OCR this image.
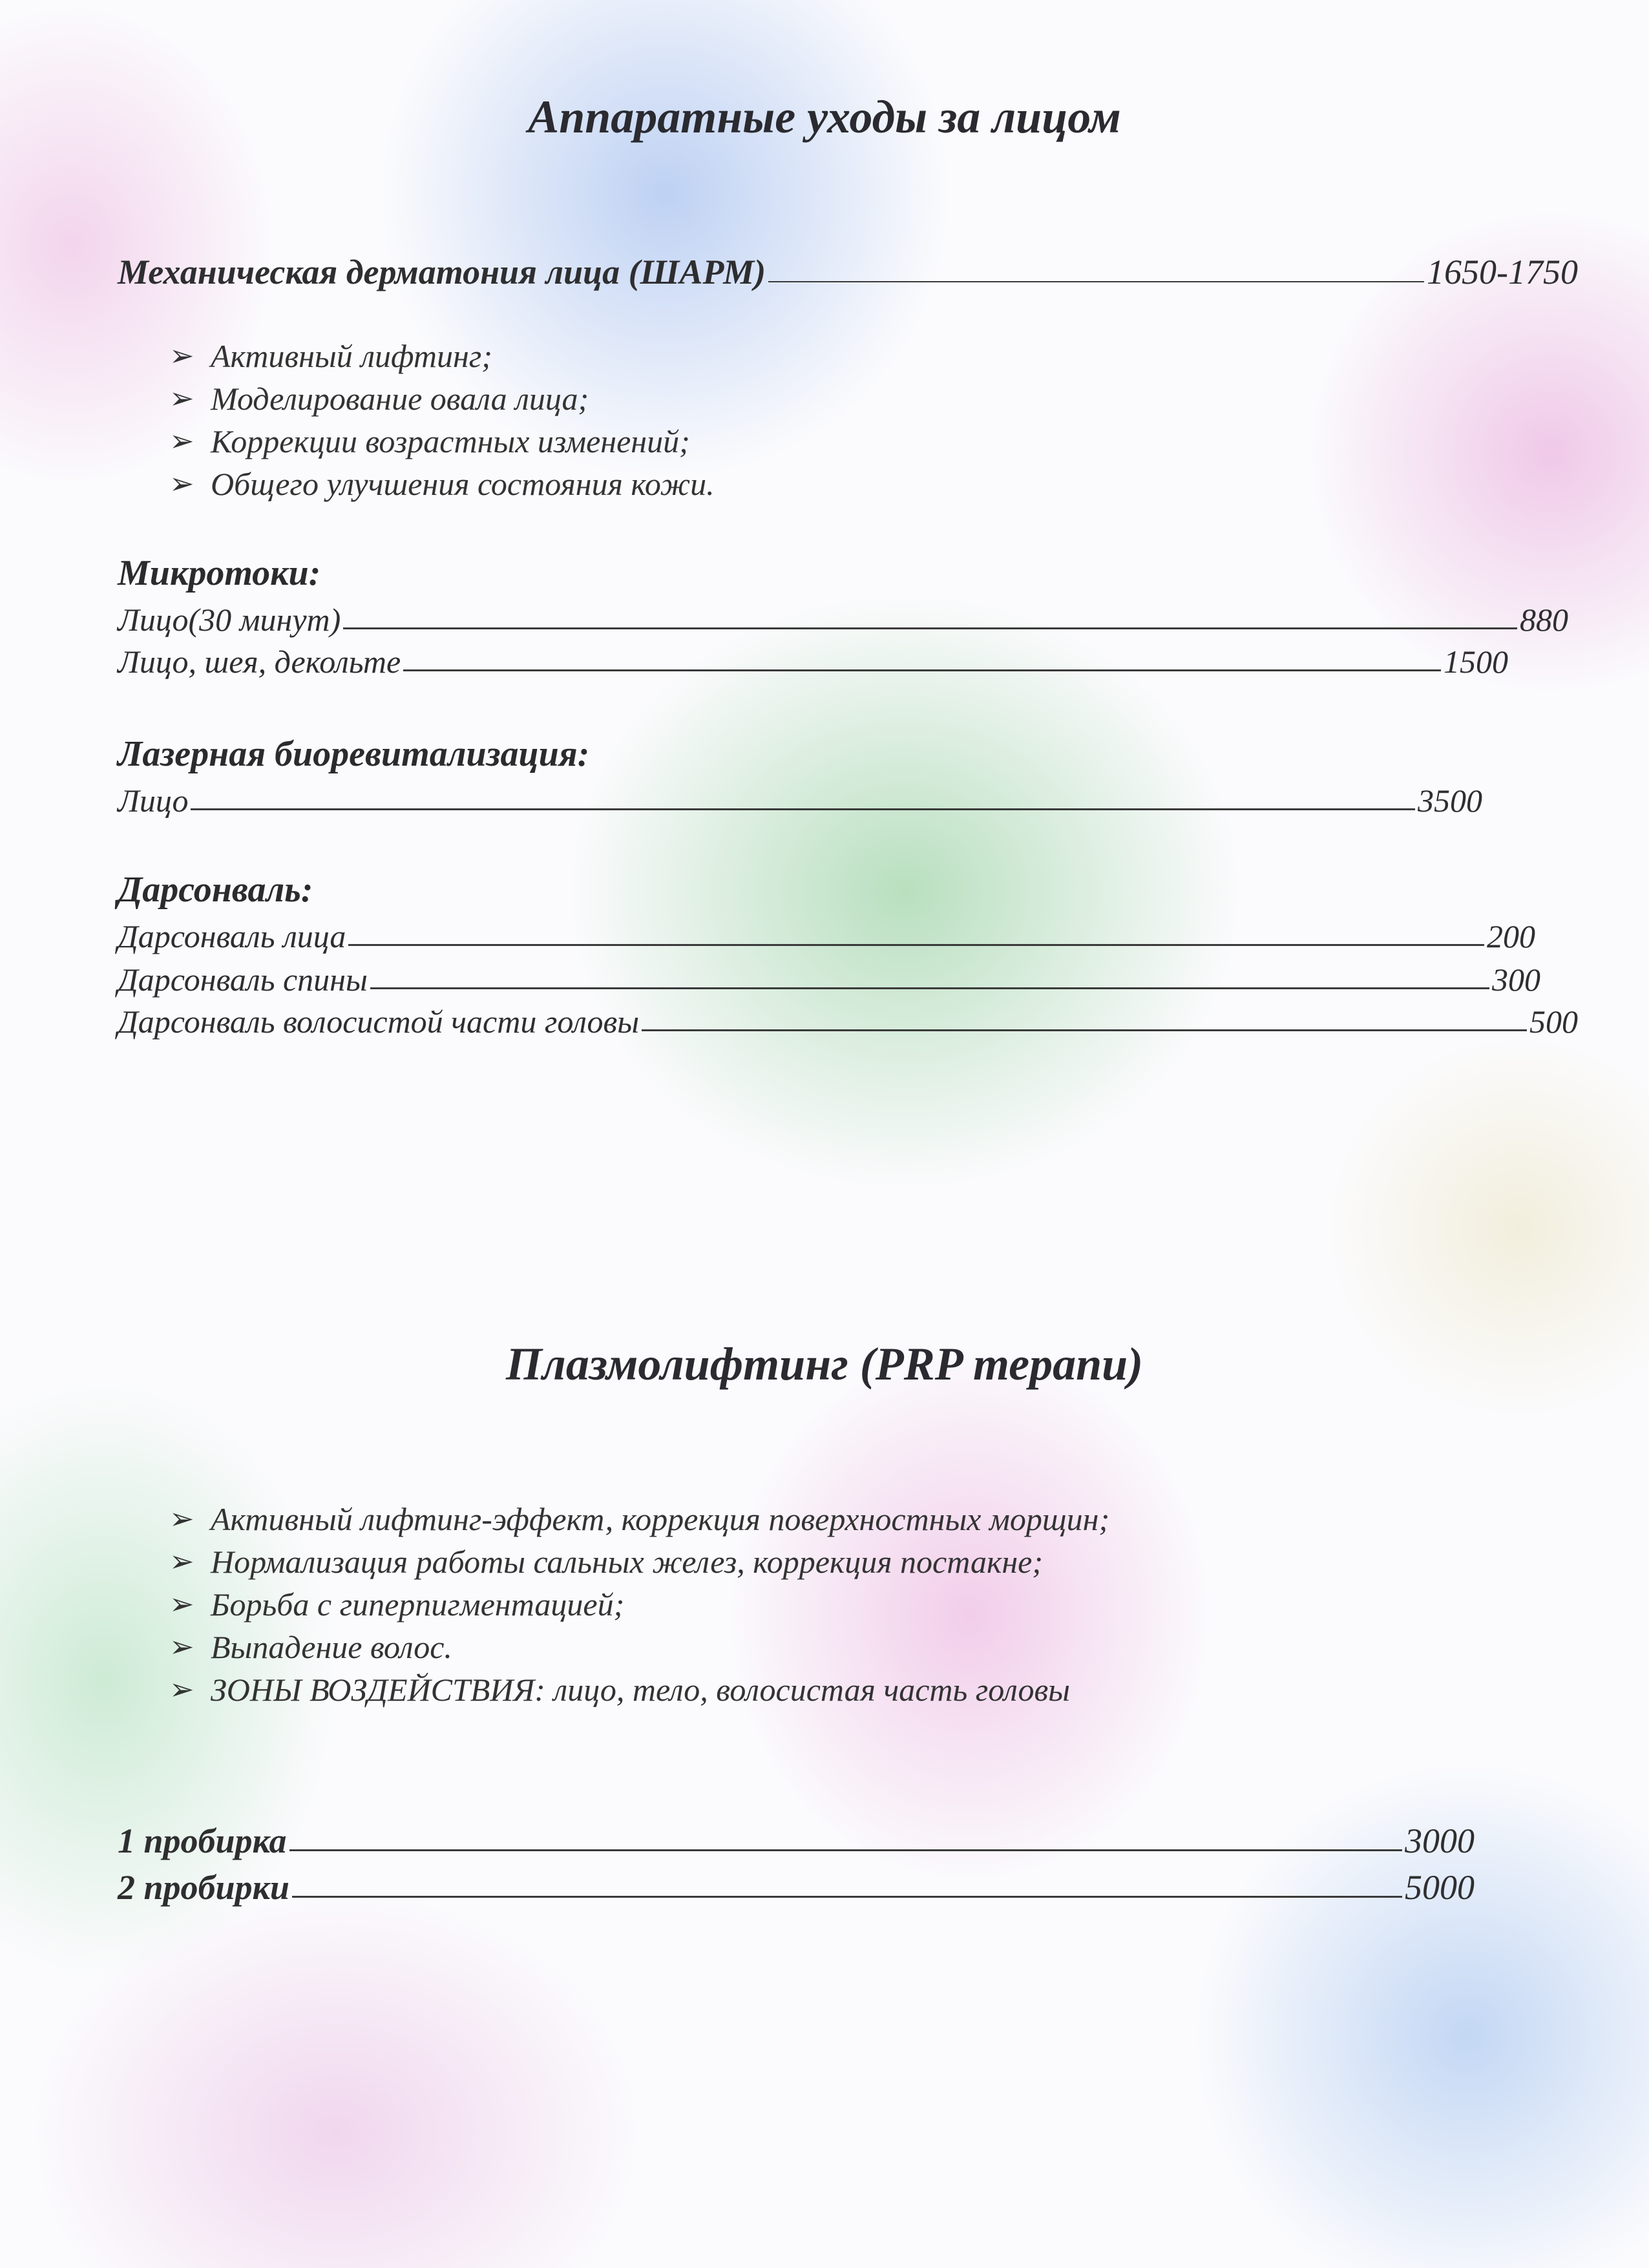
Аппаратные уходы за лицом
Механическая дерматония лица (ШАРМ)	1650-1750
➢ Активный лифтинг;
➢ Моделирование овала лица;
➢ Коррекции возрастных изменений;
➢ Общего улучшения состояния кожи.
Микротоки:
Лицо(30 минут)	880
Лицо, шея, декольте	1500
Лазерная биоревитализация:
Лицо	3500
Дарсонваль:
Дарсонваль лица	200
Дарсонваль спины	300
Дарсонваль волосистой части головы	500
Плазмолифтинг (PRP терапи)
➢ Активный лифтинг-эффект, коррекция поверхностных морщин;
➢ Нормализация работы сальных желез, коррекция постакне;
➢ Борьба с гиперпигментацией;
➢ Выпадение волос.
➢ ЗОНЫ ВОЗДЕЙСТВИЯ: лицо, тело, волосистая часть головы
1 пробирка	3000
2 пробирки	5000
